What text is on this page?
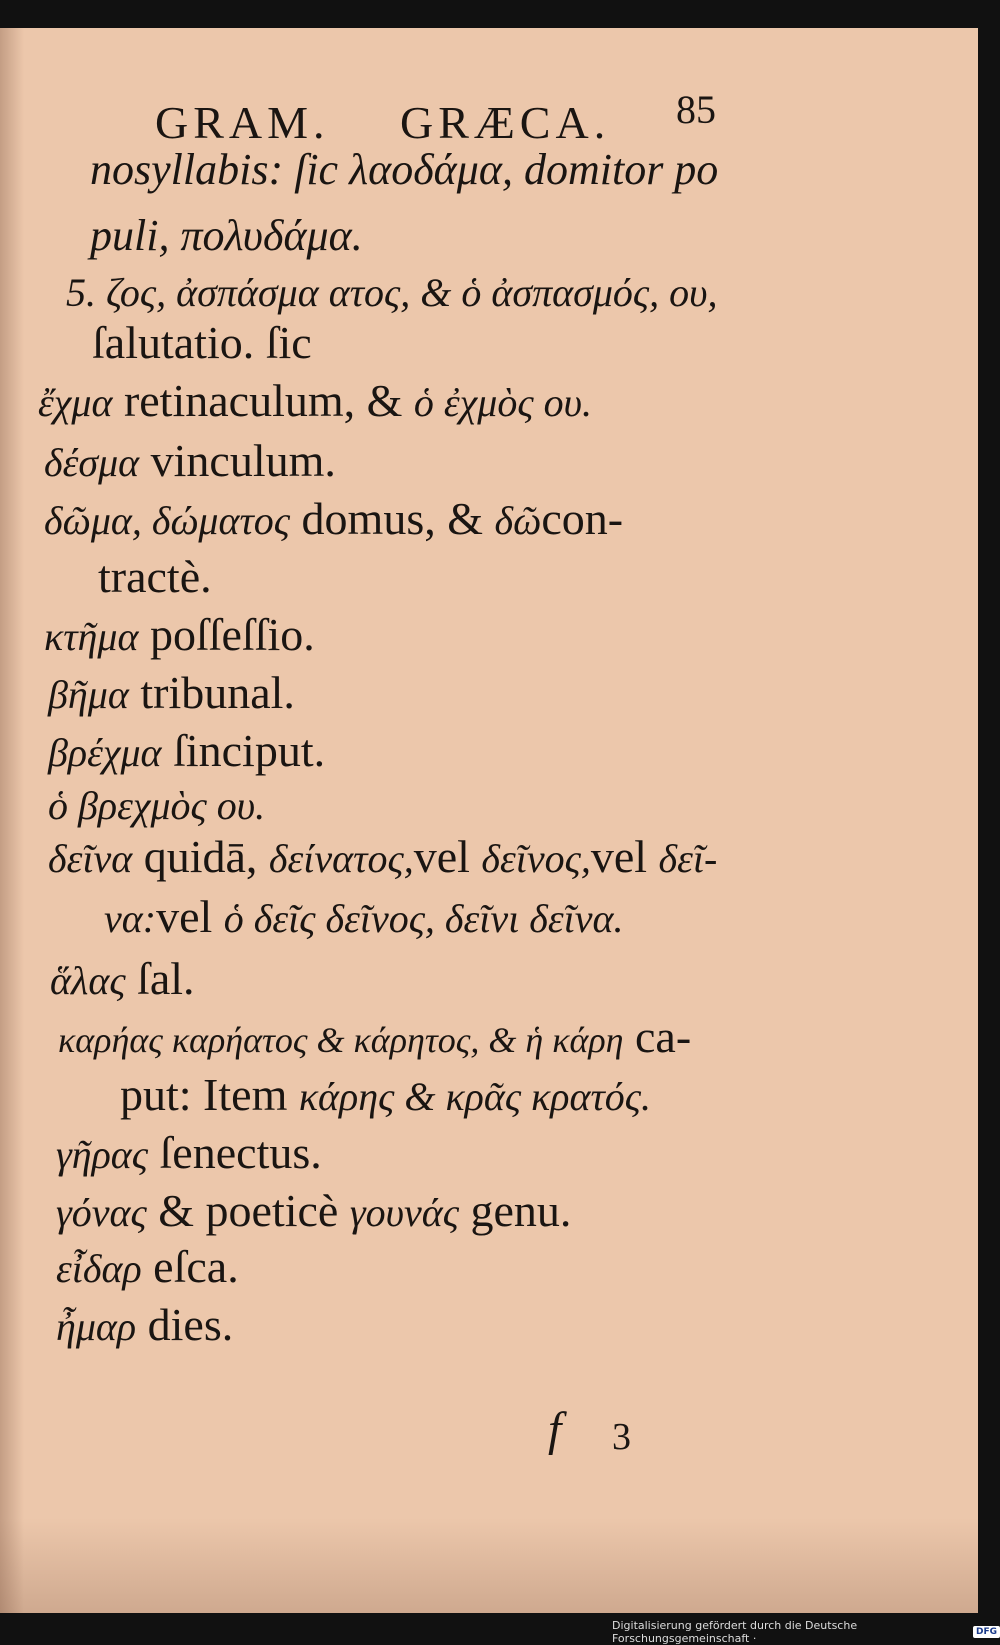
GRAM. GRÆCA. 85
nosyllabis: ſic λαοδάμα, domitor po
puli, πολυδάμα.
5. ζος, ἀσπάσμα ατος, & ὁ ἀσπασμός, ου,
ſalutatio. ſic
ἔχμα retinaculum, & ὁ ἐχμὸς ου.
δέσμα vinculum.
δῶμα, δώματος domus, & δῶcon-
tractè.
κτῆμα poſſeſſio.
βῆμα tribunal.
βρέχμα ſinciput.
ὁ βρεχμὸς ου.
δεῖνα quidā, δείνατος,vel δεῖνος,vel δεῖ-
να:vel ὁ δεῖς δεῖνος, δεῖνι δεῖνα.
ἅλας ſal.
καρήας καρήατος & κάρητος, & ἡ κάρη ca-
put: Item κάρης & κρᾶς κρατός.
γῆρας ſenectus.
γόνας & poeticè γουνάς genu.
εἶδαρ eſca.
ἦμαρ dies.
f 3
Digitalisierung gefördert durch die Deutsche Forschungsgemeinschaft ·	DFG
